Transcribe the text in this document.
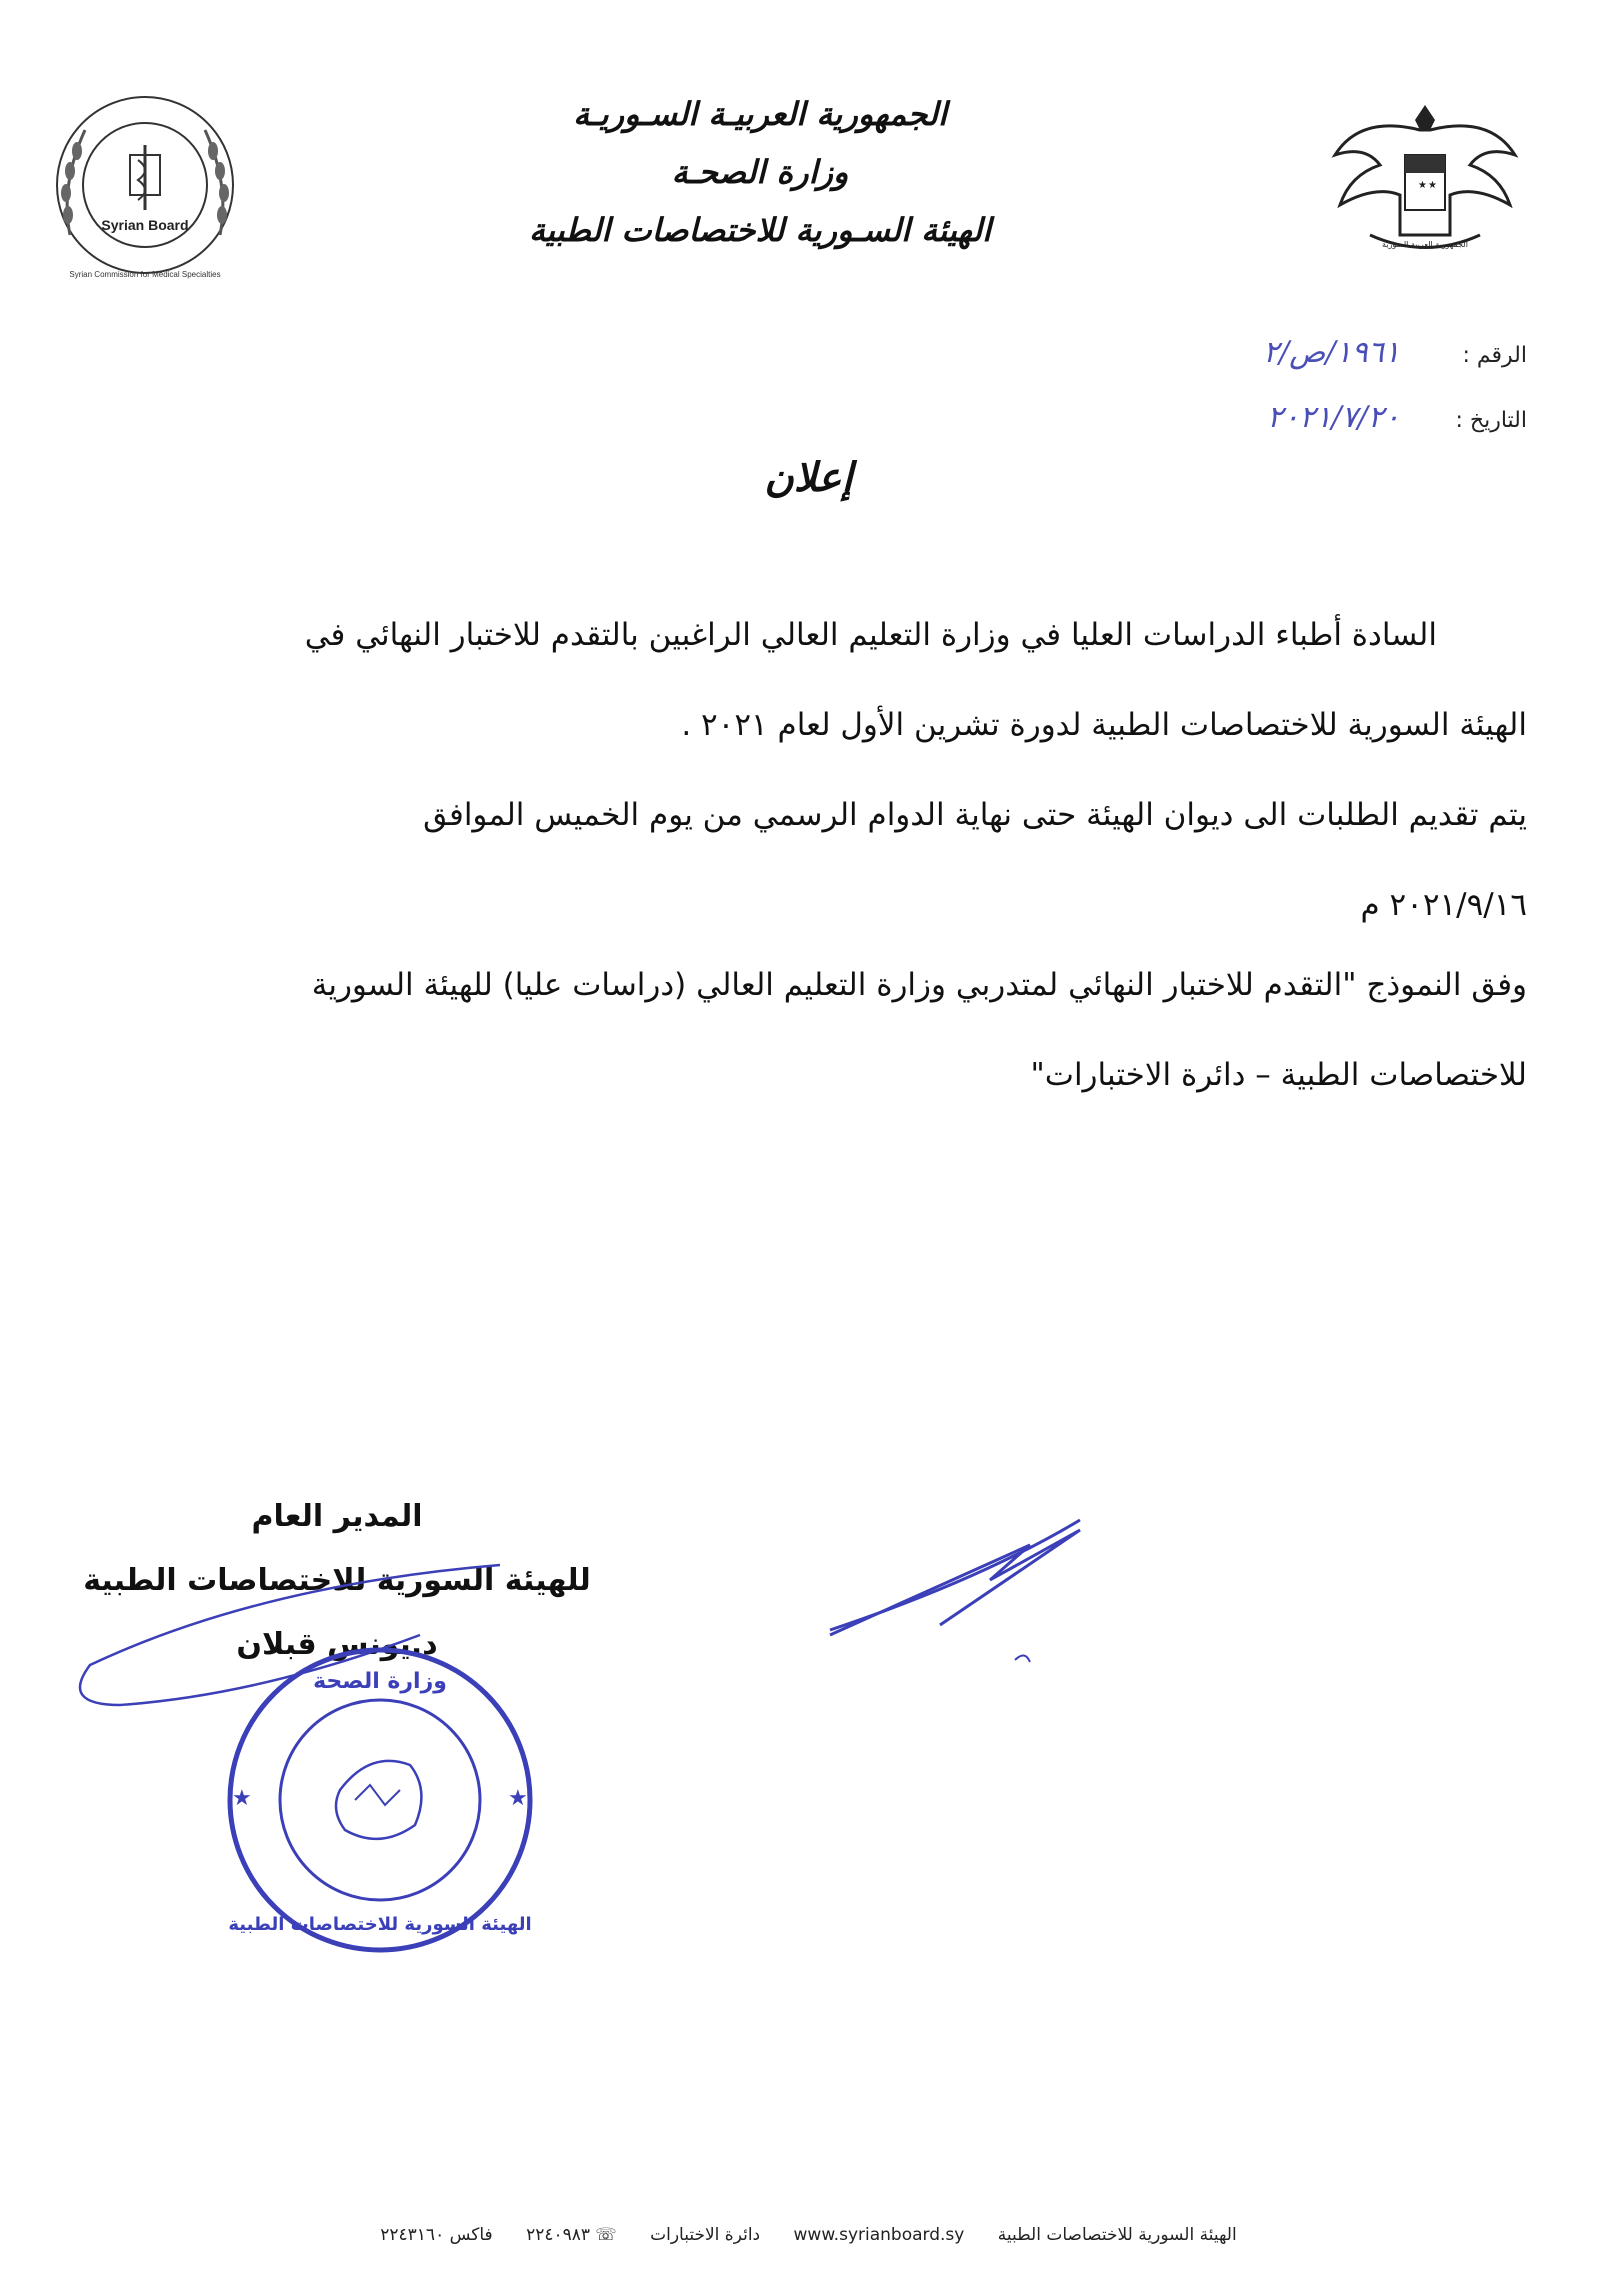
Syrian Board
Syrian Commission for Medical Specialties
الجمهورية العربيـة السـوريـة
وزارة الصحـة
الهيئة السـورية للاختصاصات الطبية
★ ★
الجمهورية العربية السورية
الرقم : ١٩٦١/ص/٢
التاريخ : ٢٠٢١/٧/٢٠
إعلان
السادة أطباء الدراسات العليا في وزارة التعليم العالي الراغبين بالتقدم للاختبار النهائي في
الهيئة السورية للاختصاصات الطبية لدورة تشرين الأول لعام ٢٠٢١ .
يتم تقديم الطلبات الى ديوان الهيئة حتى نهاية الدوام الرسمي من يوم الخميس الموافق
٢٠٢١/٩/١٦ م
وفق النموذج "التقدم للاختبار النهائي لمتدربي وزارة التعليم العالي (دراسات عليا) للهيئة السورية
للاختصاصات الطبية – دائرة الاختبارات"
المدير العام
للهيئة السورية للاختصاصات الطبية
د.يونس قبلان
★	★
وزارة الصحة
الهيئة السورية للاختصاصات الطبية
الهيئة السورية للاختصاصات الطبية www.syrianboard.sy دائرة الاختبارات ☏ ٢٢٤٠٩٨٣ فاكس ٢٢٤٣١٦٠
